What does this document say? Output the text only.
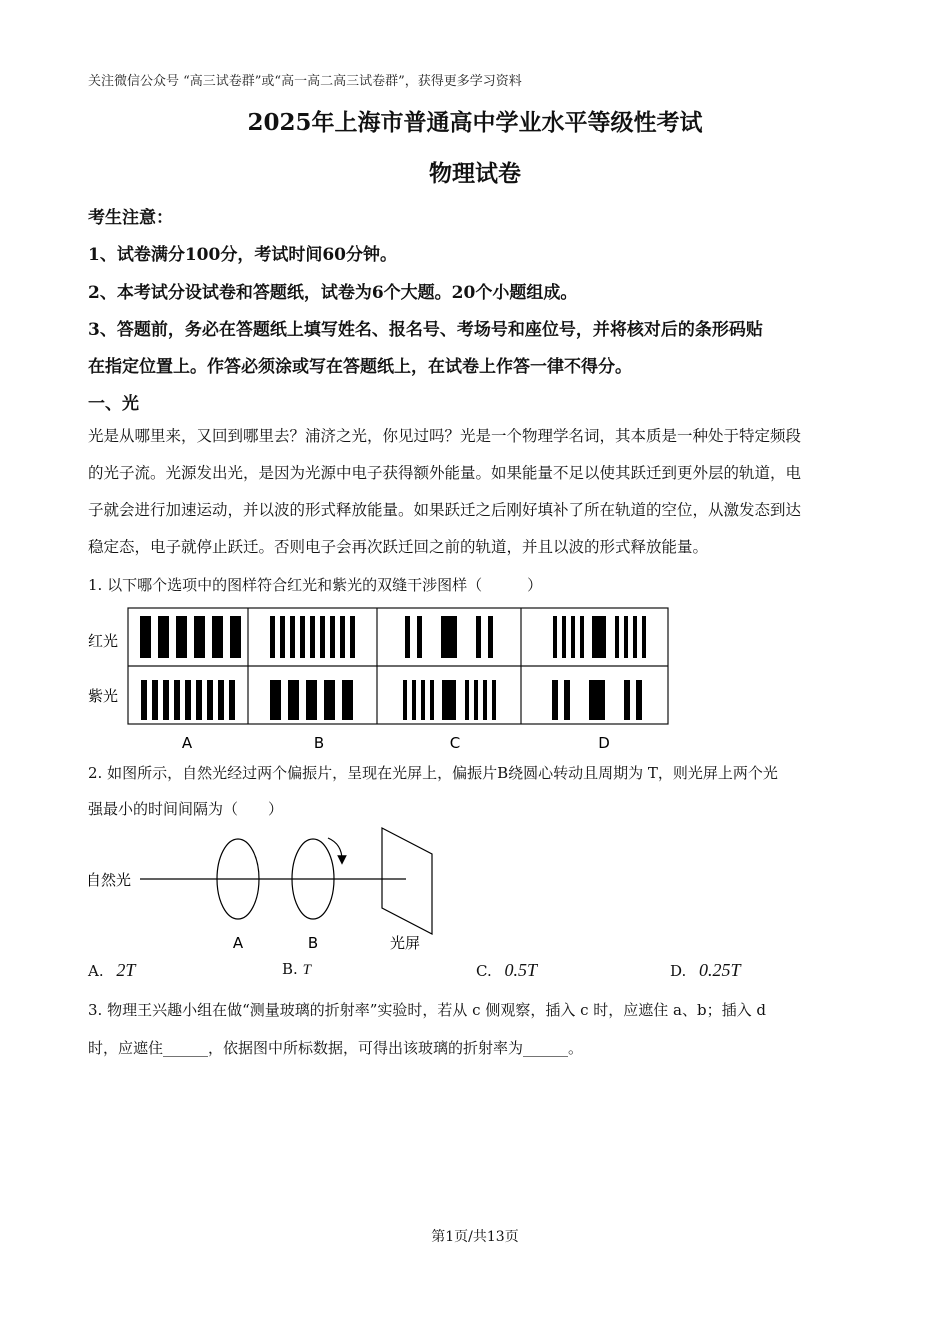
关注微信公众号 “高三试卷群”或“高一高二高三试卷群”，获得更多学习资料
2025年上海市普通高中学业水平等级性考试
物理试卷
考生注意：
1、试卷满分100分，考试时间60分钟。
2、本考试分设试卷和答题纸，试卷为6个大题。20个小题组成。
3、答题前，务必在答题纸上填写姓名、报名号、考场号和座位号，并将核对后的条形码贴
在指定位置上。作答必须涂或写在答题纸上，在试卷上作答一律不得分。
一、光
光是从哪里来，又回到哪里去？浦济之光，你见过吗？光是一个物理学名词，其本质是一种处于特定频段
的光子流。光源发出光，是因为光源中电子获得额外能量。如果能量不足以使其跃迁到更外层的轨道，电
子就会进行加速运动，并以波的形式释放能量。如果跃迁之后刚好填补了所在轨道的空位，从激发态到达
稳定态，电子就停止跃迁。否则电子会再次跃迁回之前的轨道，并且以波的形式释放能量。
1. 以下哪个选项中的图样符合红光和紫光的双缝干涉图样（　　　）
红光
紫光
A	B	C	D
2. 如图所示，自然光经过两个偏振片，呈现在光屏上，偏振片B绕圆心转动且周期为 T，则光屏上两个光
强最小的时间间隔为（　　）
自然光
A	B	光屏
A. 2T	B. T	C. 0.5T	D. 0.25T
3. 物理王兴趣小组在做“测量玻璃的折射率”实验时，若从 c 侧观察，插入 c 时，应遮住 a、b；插入 d
时，应遮住______，依据图中所标数据，可得出该玻璃的折射率为______。
第1页/共13页
